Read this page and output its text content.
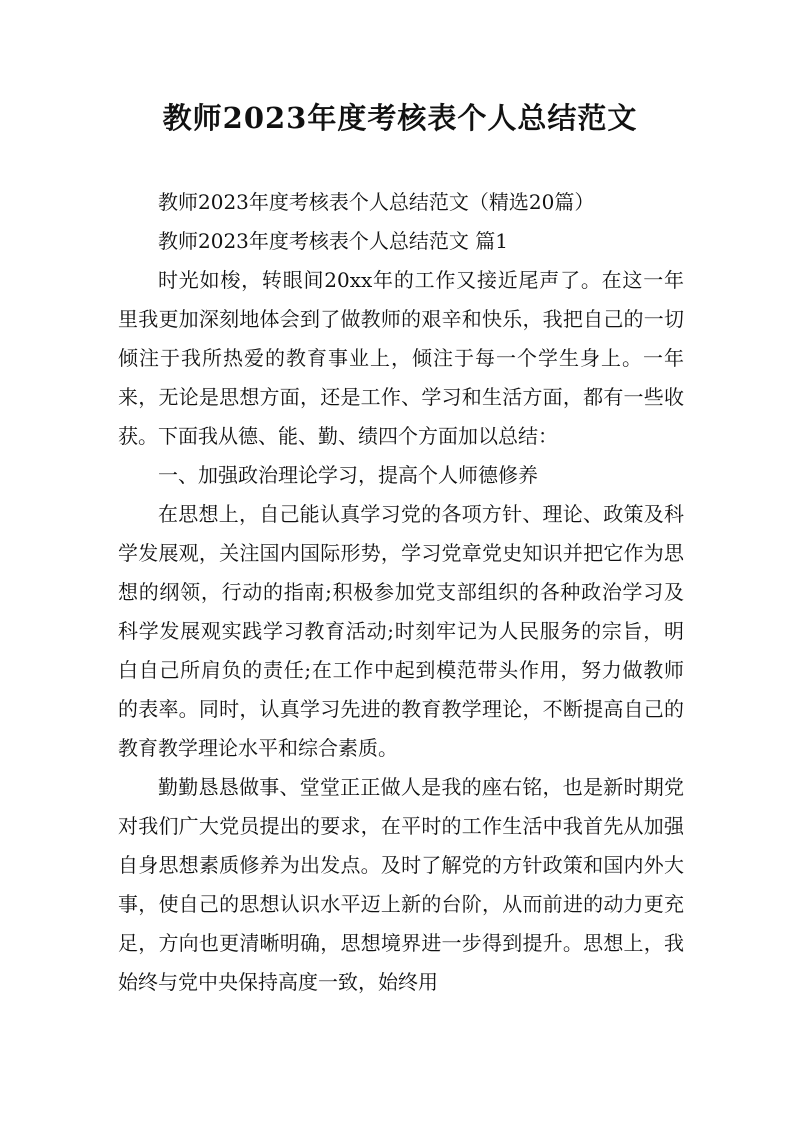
教师2023年度考核表个人总结范文

教师2023年度考核表个人总结范文（精选20篇）

教师2023年度考核表个人总结范文 篇1

时光如梭，转眼间20xx年的工作又接近尾声了。在这一年里我更加深刻地体会到了做教师的艰辛和快乐，我把自己的一切倾注于我所热爱的教育事业上，倾注于每一个学生身上。一年来，无论是思想方面，还是工作、学习和生活方面，都有一些收获。下面我从德、能、勤、绩四个方面加以总结：

一、加强政治理论学习，提高个人师德修养

在思想上，自己能认真学习党的各项方针、理论、政策及科学发展观，关注国内国际形势，学习党章党史知识并把它作为思想的纲领，行动的指南;积极参加党支部组织的各种政治学习及科学发展观实践学习教育活动;时刻牢记为人民服务的宗旨，明白自己所肩负的责任;在工作中起到模范带头作用，努力做教师的表率。同时，认真学习先进的教育教学理论，不断提高自己的教育教学理论水平和综合素质。

勤勤恳恳做事、堂堂正正做人是我的座右铭，也是新时期党对我们广大党员提出的要求，在平时的工作生活中我首先从加强自身思想素质修养为出发点。及时了解党的方针政策和国内外大事，使自己的思想认识水平迈上新的台阶，从而前进的动力更充足，方向也更清晰明确，思想境界进一步得到提升。思想上，我始终与党中央保持高度一致，始终用
